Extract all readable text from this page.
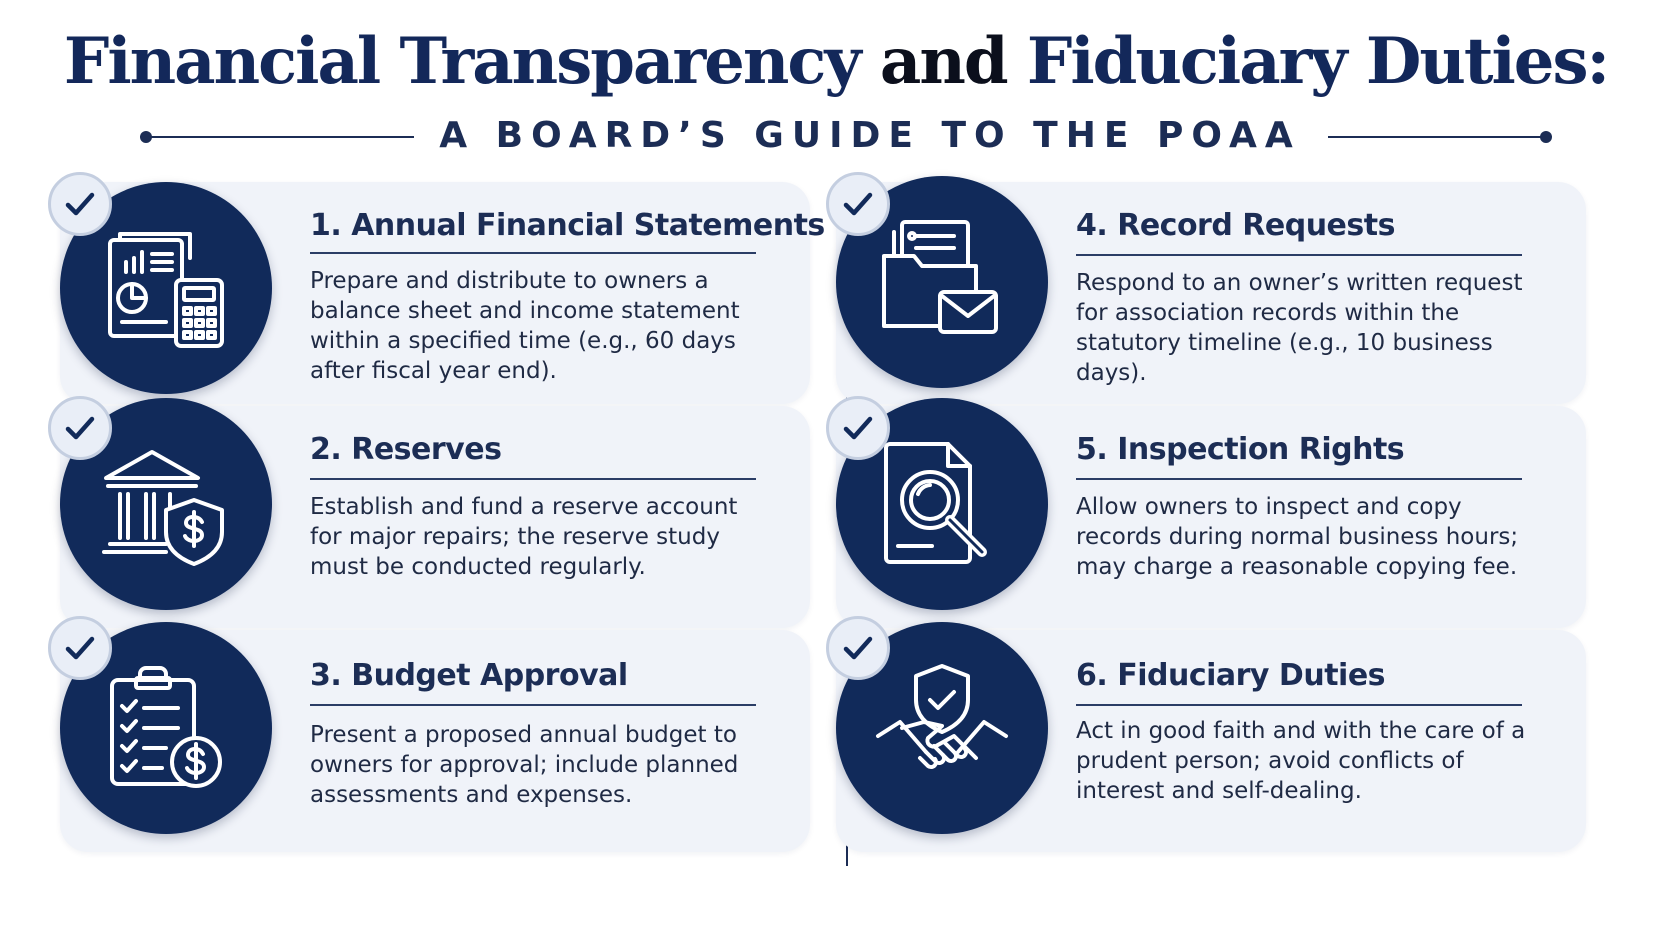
Financial Transparency and Fiduciary Duties:
A BOARD’S GUIDE TO THE POAA
1. Annual Financial Statements
Prepare and distribute to owners a balance sheet and income statement within a specified time (e.g., 60 days after fiscal year end).
2. Reserves
Establish and fund a reserve account for major repairs; the reserve study must be conducted regularly.
3. Budget Approval
Present a proposed annual budget to owners for approval; include planned assessments and expenses.
4. Record Requests
Respond to an owner’s written request for association records within the statutory timeline (e.g., 10 business days).
5. Inspection Rights
Allow owners to inspect and copy records during normal business hours; may charge a reasonable copying fee.
6. Fiduciary Duties
Act in good faith and with the care of a prudent person; avoid conflicts of interest and self-dealing.
